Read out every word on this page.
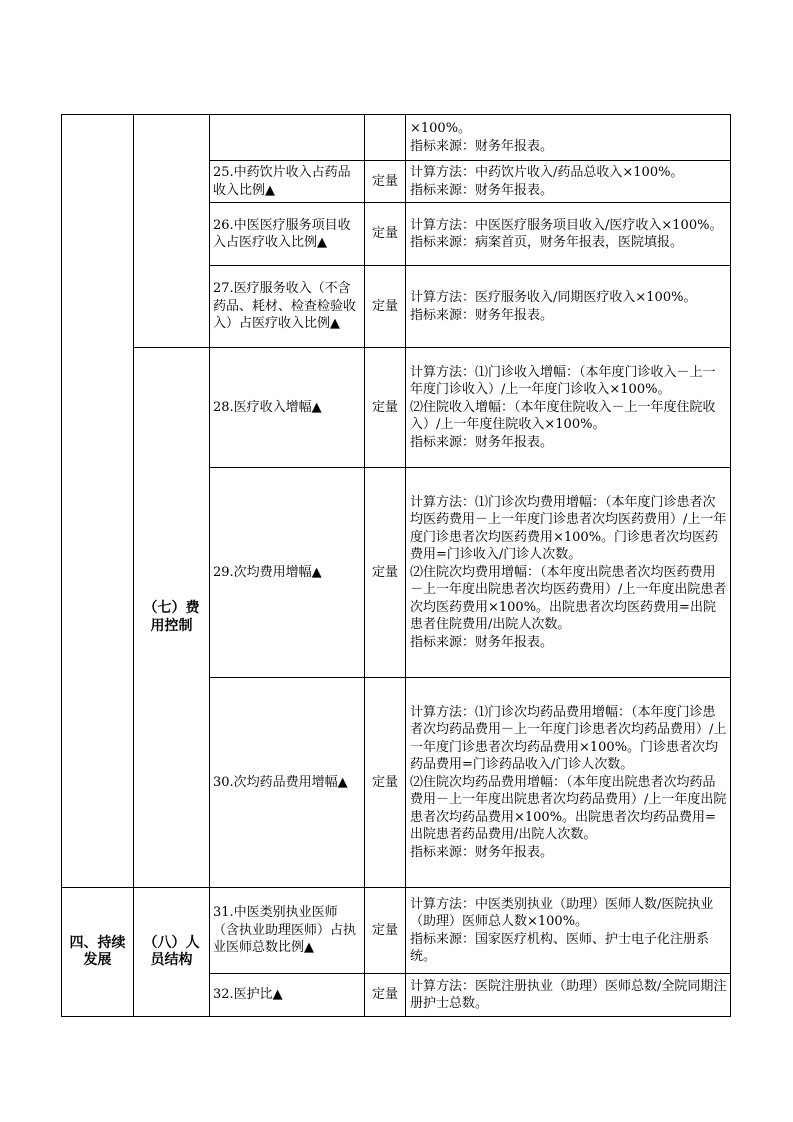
				×100%。
指标来源：财务年报表。

		25.中药饮片收入占药品收入比例▲	定量	计算方法：中药饮片收入/药品总收入×100%。
指标来源：财务年报表。

		26.中医医疗服务项目收入占医疗收入比例▲	定量	计算方法：中医医疗服务项目收入/医疗收入×100%。
指标来源：病案首页，财务年报表，医院填报。

		27.医疗服务收入（不含药品、耗材、检查检验收入）占医疗收入比例▲	定量	计算方法：医疗服务收入/同期医疗收入×100%。
指标来源：财务年报表。

	（七）费用控制	28.医疗收入增幅▲	定量	计算方法：⑴门诊收入增幅：（本年度门诊收入－上一年度门诊收入）/上一年度门诊收入×100%。
⑵住院收入增幅：（本年度住院收入－上一年度住院收入）/上一年度住院收入×100%。
指标来源：财务年报表。

		29.次均费用增幅▲	定量	计算方法：⑴门诊次均费用增幅：（本年度门诊患者次均医药费用－上一年度门诊患者次均医药费用）/上一年度门诊患者次均医药费用×100%。门诊患者次均医药费用=门诊收入/门诊人次数。
⑵住院次均费用增幅：（本年度出院患者次均医药费用－上一年度出院患者次均医药费用）/上一年度出院患者次均医药费用×100%。出院患者次均医药费用=出院患者住院费用/出院人次数。
指标来源：财务年报表。

		30.次均药品费用增幅▲	定量	计算方法：⑴门诊次均药品费用增幅：（本年度门诊患者次均药品费用－上一年度门诊患者次均药品费用）/上一年度门诊患者次均药品费用×100%。门诊患者次均药品费用=门诊药品收入/门诊人次数。
⑵住院次均药品费用增幅：（本年度出院患者次均药品费用－上一年度出院患者次均药品费用）/上一年度出院患者次均药品费用×100%。出院患者次均药品费用=出院患者药品费用/出院人次数。
指标来源：财务年报表。

四、持续发展	（八）人员结构	31.中医类别执业医师（含执业助理医师）占执业医师总数比例▲	定量	计算方法：中医类别执业（助理）医师人数/医院执业（助理）医师总人数×100%。
指标来源：国家医疗机构、医师、护士电子化注册系统。

		32.医护比▲	定量	计算方法：医院注册执业（助理）医师总数/全院同期注册护士总数。
